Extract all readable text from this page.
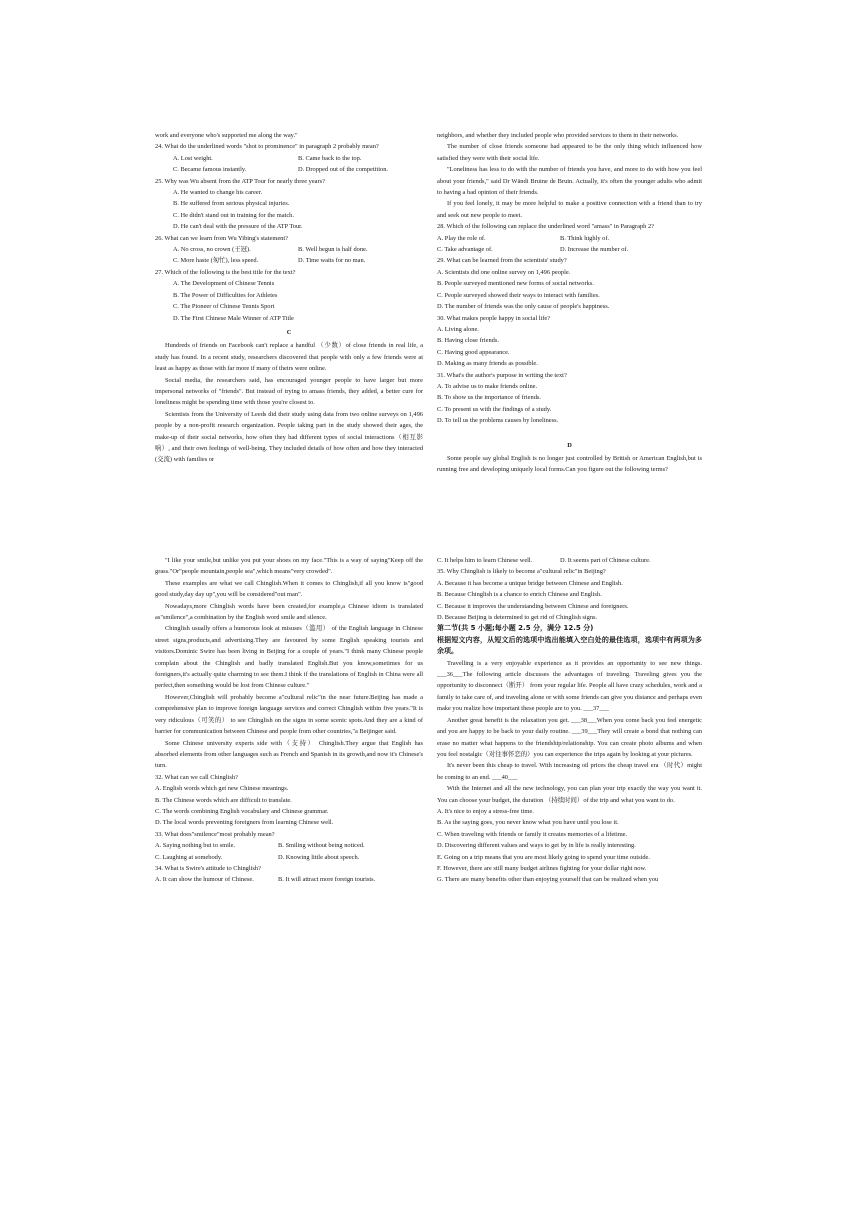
work and everyone who's supported me along the way."

24. What do the underlined words "shot to prominence" in paragraph 2 probably mean?

A. Lost weight.	B. Came back to the top.
C. Became famous instantly.	D. Dropped out of the competition.

25. Why was Wu absent from the ATP Tour for nearly three years?

A. He wanted to change his career.

B. He suffered from serious physical injuries.

C. He didn't stand out in training for the match.

D. He can't deal with the pressure of the ATP Tour.

26. What can we learn from Wu Yibing's statement?

A. No cross, no crown (王冠).	B. Well begun is half done.
C. More haste (匆忙), less speed.	D. Time waits for no man.

27. Which of the following is the best title for the text?

A. The Development of Chinese Tennis

B. The Power of Difficulties for Athletes

C. The Pioneer of Chinese Tennis Sport

D. The First Chinese Male Winner of ATP Title

C

Hundreds of friends on Facebook can't replace a handful （少数）of close friends in real life, a study has found. In a recent study, researchers discovered that people with only a few friends were at least as happy as those with far more if many of theirs were online.

Social media, the researchers said, has encouraged younger people to have larger but more impersonal networks of "friends". But instead of trying to amass friends, they added, a better cure for loneliness might be spending time with those you're closest to.

Scientists from the University of Leeds did their study using data from two online surveys on 1,496 people by a non-profit research organization. People taking part in the study showed their ages, the make-up of their social networks, how often they had different types of social interactions（相互影响）, and their own feelings of well-being. They included details of how often and how they interacted (交流) with families or

neighbors, and whether they included people who provided services to them in their networks.

The number of close friends someone had appeared to be the only thing which influenced how satisfied they were with their social life.

"Loneliness has less to do with the number of friends you have, and more to do with how you feel about your friends," said Dr Wändi Bruine de Bruin. Actually, it's often the younger adults who admit to having a bad opinion of their friends.

If you feel lonely, it may be more helpful to make a positive connection with a friend than to try and seek out new people to meet.

28. Which of the following can replace the underlined word "amass" in Paragraph 2?

A. Play the role of.	B. Think highly of.
C. Take advantage of.	D. Increase the number of.

29. What can be learned from the scientists' study?

A. Scientists did one online survey on 1,496 people.

B. People surveyed mentioned new forms of social networks.

C. People surveyed showed their ways to interact with families.

D. The number of friends was the only cause of people's happiness.

30. What makes people happy in social life?

A. Living alone.

B. Having close friends.

C. Having good appearance.

D. Making as many friends as possible.

31. What's the author's purpose in writing the text?

A. To advise us to make friends online.

B. To show us the importance of friends.

C. To present us with the findings of a study.

D. To tell us the problems causes by loneliness.

D

Some people say global English is no longer just controlled by British or American English,but is running free and developing uniquely local forms.Can you figure out the following terms?

"I like your smile,but unlike you put your shoes on my face."This is a way of saying"Keep off the grass."Or"people mountain,people sea",which means"very crowded".

These examples are what we call Chinglish.When it comes to Chinglish,if all you know is"good good study,day day up",you will be considered"out man".

Nowadays,more Chinglish words have been created,for example,a Chinese idiom is translated as"smilence",a combination by the English word smile and silence.

Chinglish usually offers a humorous look at misuses（滥用） of the English language in Chinese street signs,products,and advertising.They are favoured by some English speaking tourists and visitors.Dominic Swire has been living in Beijing for a couple of years."I think many Chinese people complain about the Chinglish and badly translated English.But you know,sometimes for us foreigners,it's actually quite charming to see them.I think if the translations of English in China were all perfect,then something would be lost from Chinese culture."

However,Chinglish will probably become a"cultural relic"in the near future.Beijing has made a comprehensive plan to improve foreign language services and correct Chinglish within five years."It is very ridiculous（可笑的） to see Chinglish on the signs in some scenic spots.And they are a kind of barrier for communication between Chinese and people from other countries,"a Beijinger said.

Some Chinese university experts side with（支持） Chinglish.They argue that English has absorbed elements from other languages such as French and Spanish in its growth,and now it's Chinese's turn.

32. What can we call Chinglish?

A. English words which get new Chinese meanings.

B. The Chinese words which are difficult to translate.

C. The words combining English vocabulary and Chinese grammar.

D. The local words preventing foreigners from learning Chinese well.

33. What does"smilence"most probably mean?

A. Saying nothing but to smile.	B. Smiling without being noticed.
C. Laughing at somebody.	D. Knowing little about speech.

34. What is Swire's attitude to Chinglish?

A. It can show the humour of Chinese.	B. It will attract more foreign tourists.
C. It helps him to learn Chinese well.	D. It seems part of Chinese culture.

35. Why Chinglish is likely to become a"cultural relic"in Beijing?

A. Because it has become a unique bridge between Chinese and English.

B. Because Chinglish is a chance to enrich Chinese and English.

C. Because it improves the understanding between Chinese and foreigners.

D. Because Beijing is determined to get rid of Chinglish signs.

第二节(共 5 小题;每小题 2.5 分，满分 12.5 分)

根据短文内容，从短文后的选项中选出能填入空白处的最佳选项，选项中有两项为多余项。

Travelling is a very enjoyable experience as it provides an opportunity to see new things. ___36___The following article discusses the advantages of traveling. Traveling gives you the opportunity to disconnect（断开） from your regular life. People all have crazy schedules, work and a family to take care of, and traveling alone or with some friends can give you distance and perhaps even make you realize how important these people are to you. ___37___

Another great benefit is the relaxation you get. ___38___When you come back you feel energetic and you are happy to be back to your daily routine. ___39___They will create a bond that nothing can erase no matter what happens to the friendship/relationship. You can create photo albums and when you feel nostalgic（对往事怀恋的）you can experience the trips again by looking at your pictures.

It's never been this cheap to travel. With increasing oil prices the cheap travel era （时代）might be coming to an end. ___40___

With the Internet and all the new technology, you can plan your trip exactly the way you want it. You can choose your budget, the duration （持续时间）of the trip and what you want to do.

A. It's nice to enjoy a stress-free time.

B. As the saying goes, you never know what you have until you lose it.

C. When traveling with friends or family it creates memories of a lifetime.

D. Discovering different values and ways to get by in life is really interesting.

E. Going on a trip means that you are most likely going to spend your time outside.

F. However, there are still many budget airlines fighting for your dollar right now.

G. There are many benefits other than enjoying yourself that can be realized when you
